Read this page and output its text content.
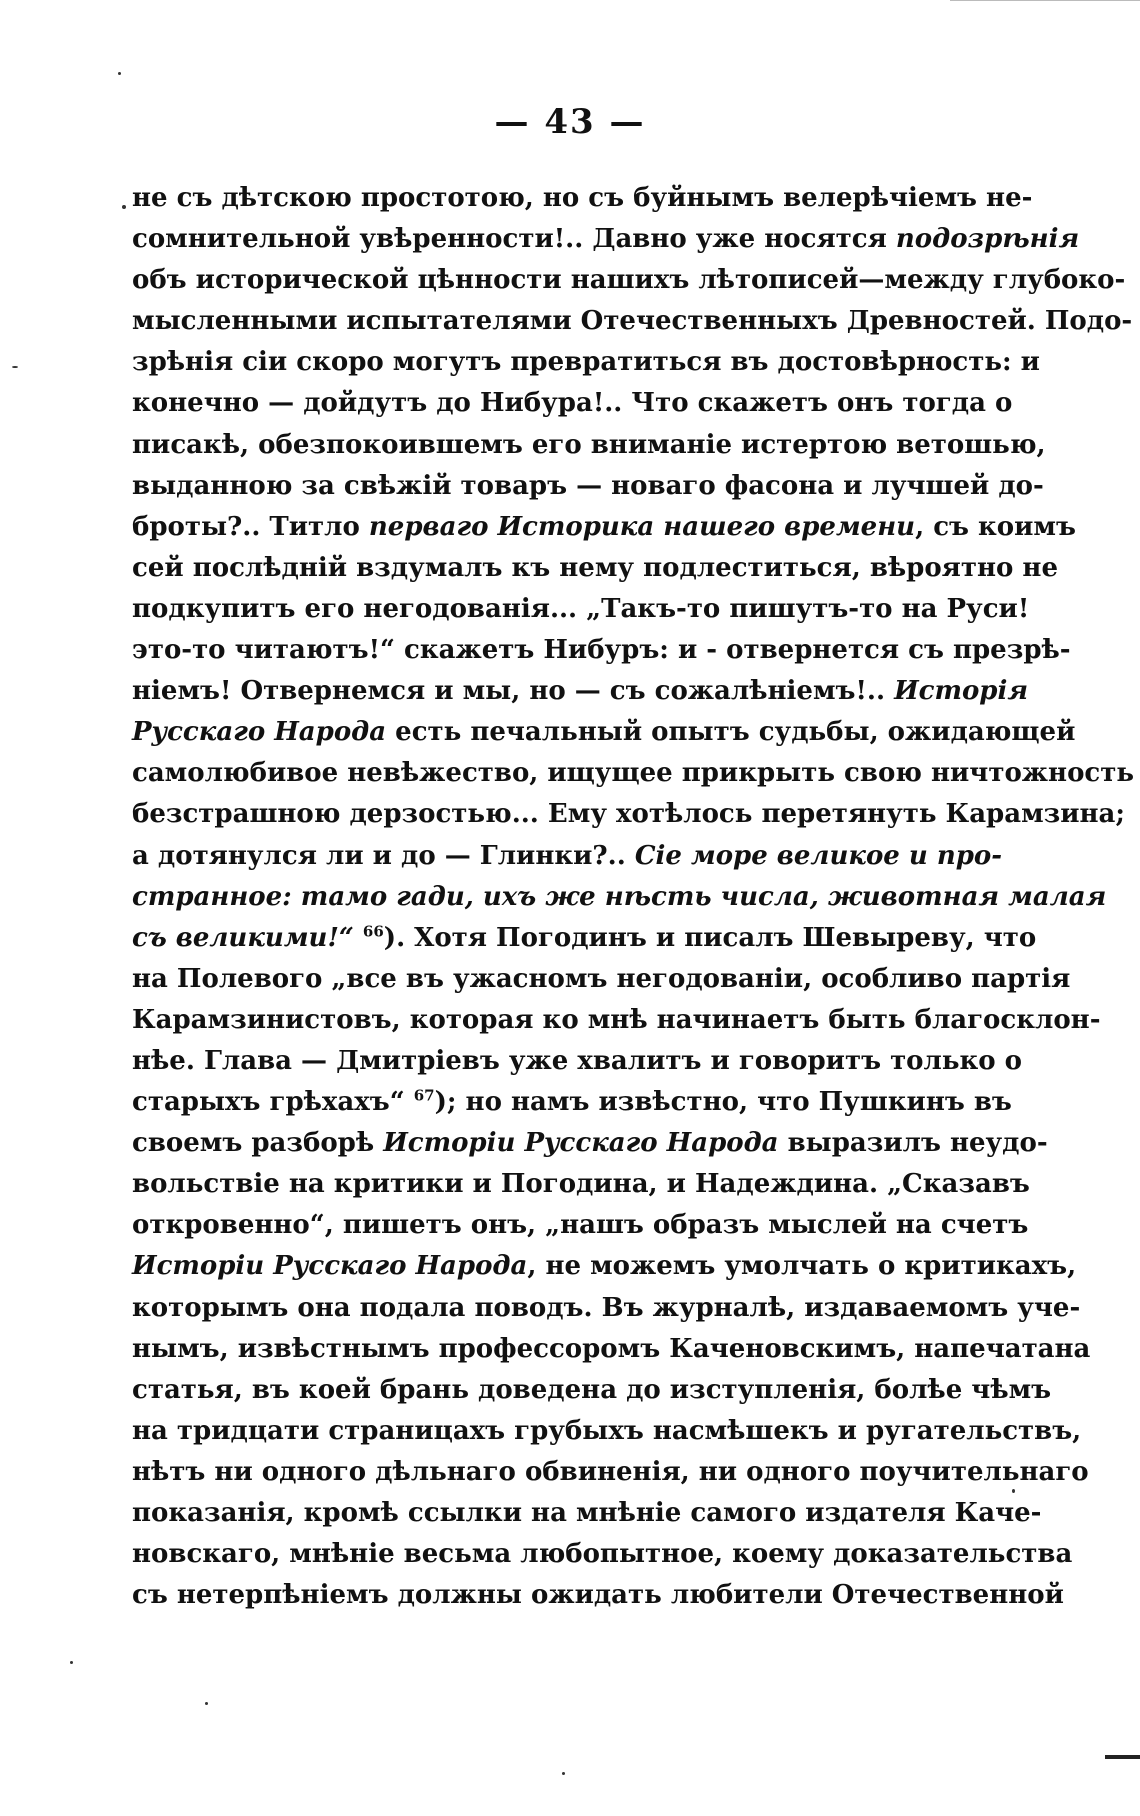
— 43 —
не съ дѣтскою простотою, но съ буйнымъ велерѣчіемъ не-
сомнительной увѣренности!.. Давно уже носятся подозрѣнія
объ исторической цѣнности нашихъ лѣтописей—между глубоко-
мысленными испытателями Отечественныхъ Древностей. Подо-
зрѣнія сіи скоро могутъ превратиться въ достовѣрность: и
конечно — дойдутъ до Нибура!.. Что скажетъ онъ тогда о
писакѣ, обезпокоившемъ его вниманіе истертою ветошью,
выданною за свѣжій товаръ — новаго фасона и лучшей до-
броты?.. Титло перваго Историка нашего времени, съ коимъ
сей послѣдній вздумалъ къ нему подлеститься, вѣроятно не
подкупитъ его негодованія... „Такъ-то пишутъ-то на Руси!
это-то читаютъ!“ скажетъ Нибуръ: и - отвернется съ презрѣ-
ніемъ! Отвернемся и мы, но — съ сожалѣніемъ!.. Исторія
Русскаго Народа есть печальный опытъ судьбы, ожидающей
самолюбивое невѣжество, ищущее прикрыть свою ничтожность
безстрашною дерзостью... Ему хотѣлось перетянуть Карамзина;
а дотянулся ли и до — Глинки?.. Сіе море великое и про-
странное: тамо гади, ихъ же нѣсть числа, животная малая
съ великими!“ $^{66}$). Хотя Погодинъ и писалъ Шевыреву, что
на Полевого „все въ ужасномъ негодованіи, особливо партія
Карамзинистовъ, которая ко мнѣ начинаетъ быть благосклон-
нѣе. Глава — Дмитріевъ уже хвалитъ и говоритъ только о
старыхъ грѣхахъ“ $^{67}$); но намъ извѣстно, что Пушкинъ въ
своемъ разборѣ Исторіи Русскаго Народа выразилъ неудо-
вольствіе на критики и Погодина, и Надеждина. „Сказавъ
откровенно“, пишетъ онъ, „нашъ образъ мыслей на счетъ
Исторіи Русскаго Народа, не можемъ умолчать о критикахъ,
которымъ она подала поводъ. Въ журналѣ, издаваемомъ уче-
нымъ, извѣстнымъ профессоромъ Каченовскимъ, напечатана
статья, въ коей брань доведена до изступленія, болѣе чѣмъ
на тридцати страницахъ грубыхъ насмѣшекъ и ругательствъ,
нѣтъ ни одного дѣльнаго обвиненія, ни одного поучительнаго
показанія, кромѣ ссылки на мнѣніе самого издателя Каче-
новскаго, мнѣніе весьма любопытное, коему доказательства
съ нетерпѣніемъ должны ожидать любители Отечественной
